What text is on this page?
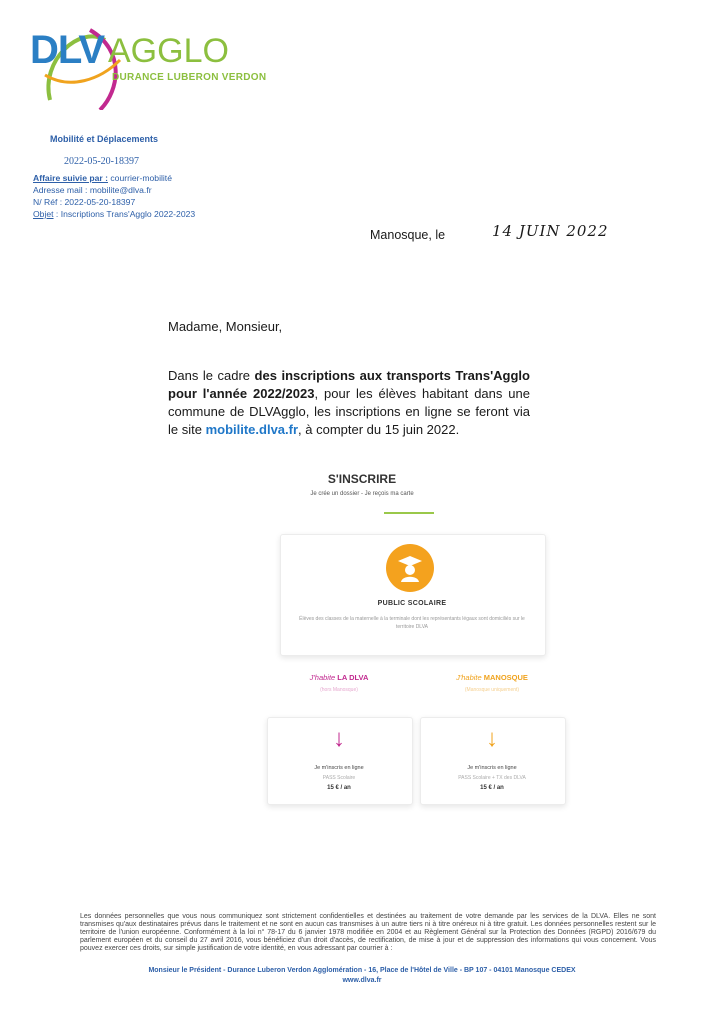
DLV AGGLO
DURANCE LUBERON VERDON
Mobilité et Déplacements
2022-05-20-18397
Affaire suivie par : courrier-mobilité
Adresse mail : mobilite@dlva.fr
N/ Réf : 2022-05-20-18397
Objet : Inscriptions Trans'Agglo 2022-2023
Manosque, le	14 JUIN 2022
Madame, Monsieur,
Dans le cadre des inscriptions aux transports Trans'Agglo pour l'année 2022/2023, pour les élèves habitant dans une commune de DLVAgglo, les inscriptions en ligne se feront via le site mobilite.dlva.fr, à compter du 15 juin 2022.
S'INSCRIRE
Je crée un dossier - Je reçois ma carte
PUBLIC SCOLAIRE
Élèves des classes de la maternelle à la terminale dont les représentants légaux sont domiciliés sur le territoire DLVA
J'habite LA DLVA
(hors Manosque)
↓
Je m'inscris en ligne
PASS Scolaire
15 € / an
J'habite MANOSQUE
(Manosque uniquement)
↓
Je m'inscris en ligne
PASS Scolaire + TX des DLVA
15 € / an
Les données personnelles que vous nous communiquez sont strictement confidentielles et destinées au traitement de votre demande par les services de la DLVA. Elles ne sont transmises qu'aux destinataires prévus dans le traitement et ne sont en aucun cas transmises à un autre tiers ni à titre onéreux ni à titre gratuit. Les données personnelles restent sur le territoire de l'union européenne. Conformément à la loi n° 78-17 du 6 janvier 1978 modifiée en 2004 et au Règlement Général sur la Protection des Données (RGPD) 2016/679 du parlement européen et du conseil du 27 avril 2016, vous bénéficiez d'un droit d'accès, de rectification, de mise à jour et de suppression des informations qui vous concernent. Vous pouvez exercer ces droits, sur simple justification de votre identité, en vous adressant par courrier à :
Monsieur le Président - Durance Luberon Verdon Agglomération - 16, Place de l'Hôtel de Ville - BP 107 - 04101 Manosque CEDEX
www.dlva.fr
